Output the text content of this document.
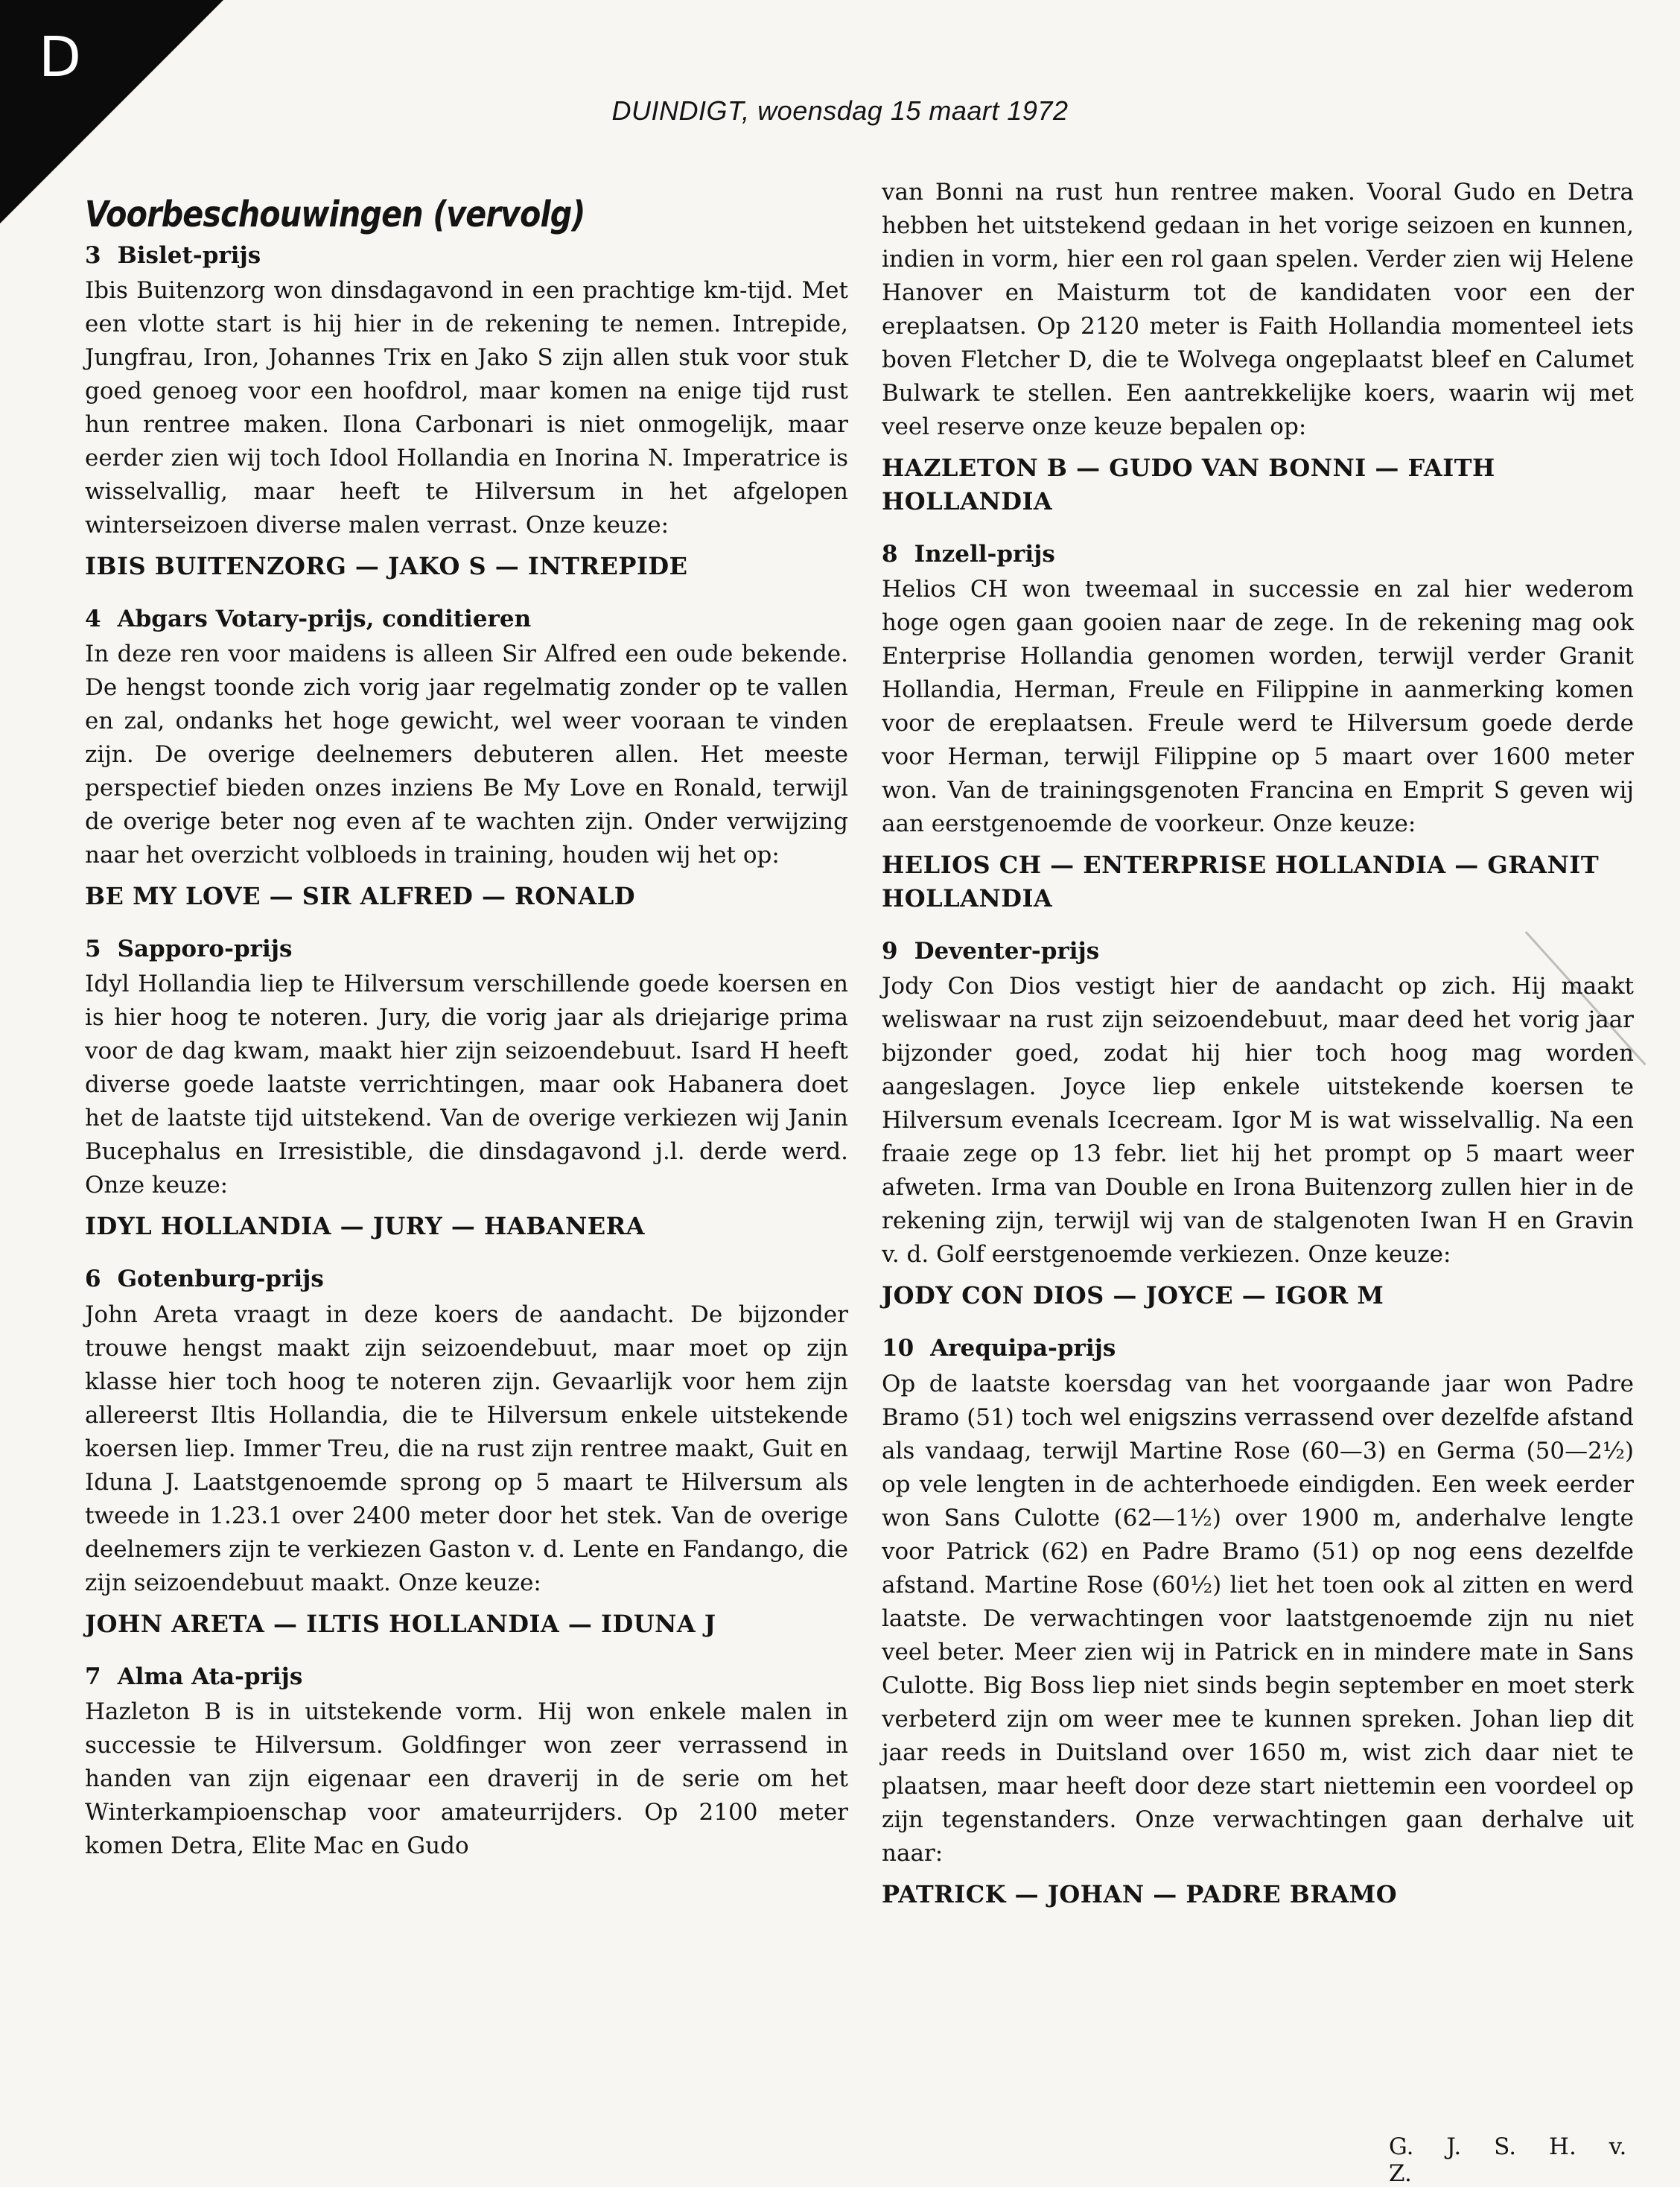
D
DUINDIGT, woensdag 15 maart 1972
Voorbeschouwingen (vervolg)
3 Bislet-prijs

Ibis Buitenzorg won dinsdagavond in een prachtige km-tijd. Met een vlotte start is hij hier in de rekening te nemen. Intrepide, Jungfrau, Iron, Johannes Trix en Jako S zijn allen stuk voor stuk goed genoeg voor een hoofdrol, maar komen na enige tijd rust hun rentree maken. Ilona Carbonari is niet onmogelijk, maar eerder zien wij toch Idool Hollandia en Inorina N. Imperatrice is wisselvallig, maar heeft te Hilversum in het afgelopen winterseizoen diverse malen verrast. Onze keuze:

IBIS BUITENZORG — JAKO S — INTREPIDE
4 Abgars Votary-prijs, conditieren

In deze ren voor maidens is alleen Sir Alfred een oude bekende. De hengst toonde zich vorig jaar regelmatig zonder op te vallen en zal, ondanks het hoge gewicht, wel weer vooraan te vinden zijn. De overige deelnemers debuteren allen. Het meeste perspectief bieden onzes inziens Be My Love en Ronald, terwijl de overige beter nog even af te wachten zijn. Onder verwijzing naar het overzicht volbloeds in training, houden wij het op:

BE MY LOVE — SIR ALFRED — RONALD
5 Sapporo-prijs

Idyl Hollandia liep te Hilversum verschillende goede koersen en is hier hoog te noteren. Jury, die vorig jaar als driejarige prima voor de dag kwam, maakt hier zijn seizoendebuut. Isard H heeft diverse goede laatste verrichtingen, maar ook Habanera doet het de laatste tijd uitstekend. Van de overige verkiezen wij Janin Bucephalus en Irresistible, die dinsdagavond j.l. derde werd. Onze keuze:

IDYL HOLLANDIA — JURY — HABANERA
6 Gotenburg-prijs

John Areta vraagt in deze koers de aandacht. De bijzonder trouwe hengst maakt zijn seizoendebuut, maar moet op zijn klasse hier toch hoog te noteren zijn. Gevaarlijk voor hem zijn allereerst Iltis Hollandia, die te Hilversum enkele uitstekende koersen liep. Immer Treu, die na rust zijn rentree maakt, Guit en Iduna J. Laatstgenoemde sprong op 5 maart te Hilversum als tweede in 1.23.1 over 2400 meter door het stek. Van de overige deelnemers zijn te verkiezen Gaston v. d. Lente en Fandango, die zijn seizoendebuut maakt. Onze keuze:

JOHN ARETA — ILTIS HOLLANDIA — IDUNA J
7 Alma Ata-prijs

Hazleton B is in uitstekende vorm. Hij won enkele malen in successie te Hilversum. Goldfinger won zeer verrassend in handen van zijn eigenaar een draverij in de serie om het Winterkampioenschap voor amateurrijders. Op 2100 meter komen Detra, Elite Mac en Gudo

van Bonni na rust hun rentree maken. Vooral Gudo en Detra hebben het uitstekend gedaan in het vorige seizoen en kunnen, indien in vorm, hier een rol gaan spelen. Verder zien wij Helene Hanover en Maisturm tot de kandidaten voor een der ereplaatsen. Op 2120 meter is Faith Hollandia momenteel iets boven Fletcher D, die te Wolvega ongeplaatst bleef en Calumet Bulwark te stellen. Een aantrekkelijke koers, waarin wij met veel reserve onze keuze bepalen op:

HAZLETON B — GUDO VAN BONNI — FAITH HOLLANDIA
8 Inzell-prijs

Helios CH won tweemaal in successie en zal hier wederom hoge ogen gaan gooien naar de zege. In de rekening mag ook Enterprise Hollandia genomen worden, terwijl verder Granit Hollandia, Herman, Freule en Filippine in aanmerking komen voor de ereplaatsen. Freule werd te Hilversum goede derde voor Herman, terwijl Filippine op 5 maart over 1600 meter won. Van de trainingsgenoten Francina en Emprit S geven wij aan eerstgenoemde de voorkeur. Onze keuze:

HELIOS CH — ENTERPRISE HOLLANDIA — GRANIT HOLLANDIA
9 Deventer-prijs

Jody Con Dios vestigt hier de aandacht op zich. Hij maakt weliswaar na rust zijn seizoendebuut, maar deed het vorig jaar bijzonder goed, zodat hij hier toch hoog mag worden aangeslagen. Joyce liep enkele uitstekende koersen te Hilversum evenals Icecream. Igor M is wat wisselvallig. Na een fraaie zege op 13 febr. liet hij het prompt op 5 maart weer afweten. Irma van Double en Irona Buitenzorg zullen hier in de rekening zijn, terwijl wij van de stalgenoten Iwan H en Gravin v. d. Golf eerstgenoemde verkiezen. Onze keuze:

JODY CON DIOS — JOYCE — IGOR M
10 Arequipa-prijs

Op de laatste koersdag van het voorgaande jaar won Padre Bramo (51) toch wel enigszins verrassend over dezelfde afstand als vandaag, terwijl Martine Rose (60—3) en Germa (50—2½) op vele lengten in de achterhoede eindigden. Een week eerder won Sans Culotte (62—1½) over 1900 m, anderhalve lengte voor Patrick (62) en Padre Bramo (51) op nog eens dezelfde afstand. Martine Rose (60½) liet het toen ook al zitten en werd laatste. De verwachtingen voor laatstgenoemde zijn nu niet veel beter. Meer zien wij in Patrick en in mindere mate in Sans Culotte. Big Boss liep niet sinds begin september en moet sterk verbeterd zijn om weer mee te kunnen spreken. Johan liep dit jaar reeds in Duitsland over 1650 m, wist zich daar niet te plaatsen, maar heeft door deze start niettemin een voordeel op zijn tegenstanders. Onze verwachtingen gaan derhalve uit naar:

PATRICK — JOHAN — PADRE BRAMO
G. J. S. H. v. Z.
